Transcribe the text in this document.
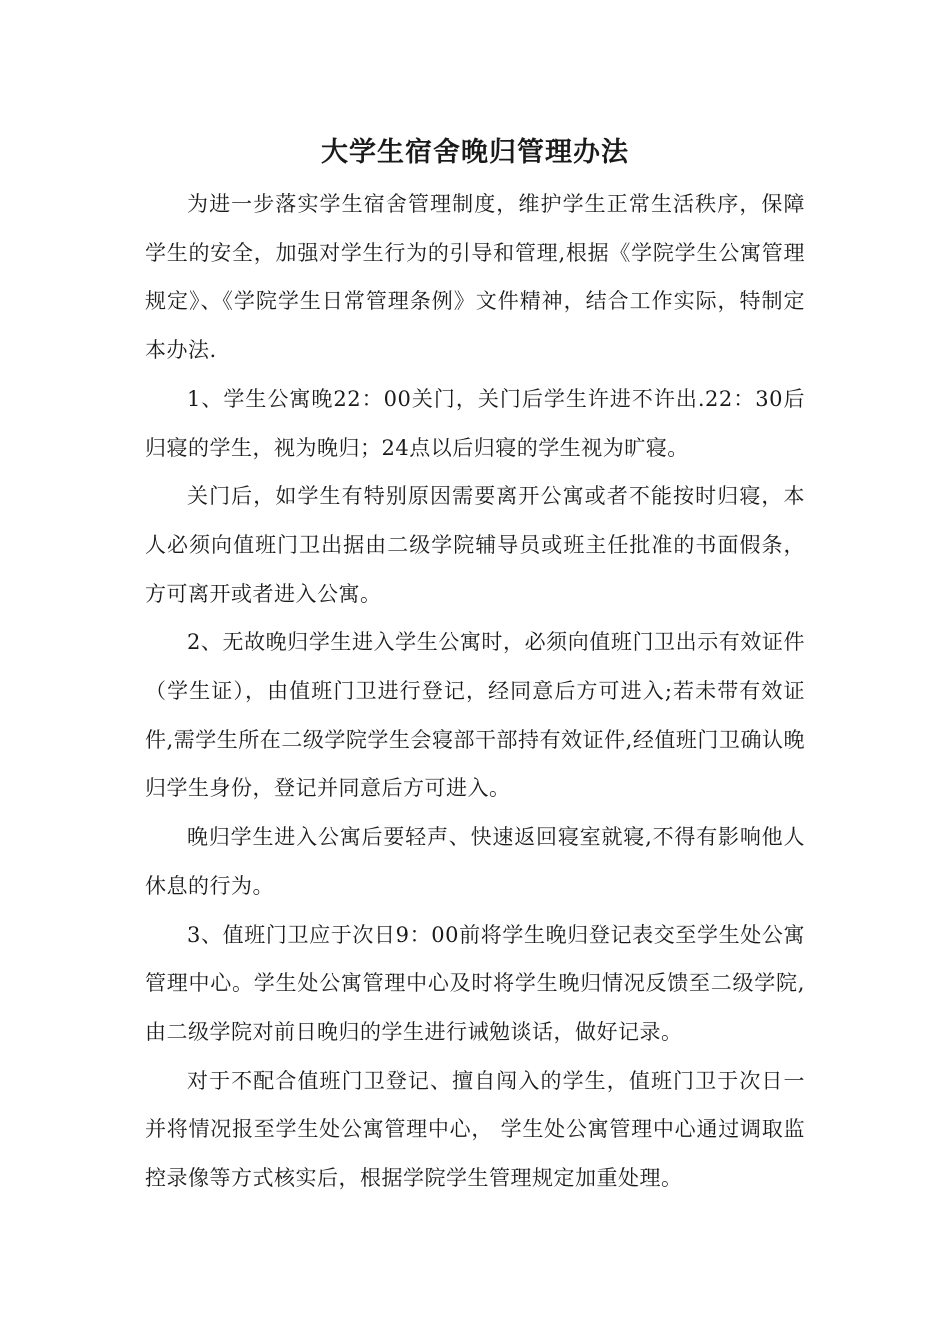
大学生宿舍晚归管理办法

为进一步落实学生宿舍管理制度，维护学生正常生活秩序，保障学生的安全，加强对学生行为的引导和管理,根据《学院学生公寓管理规定》、《学院学生日常管理条例》文件精神，结合工作实际，特制定本办法.

1、学生公寓晚22：00关门，关门后学生许进不许出.22：30后归寝的学生，视为晚归；24点以后归寝的学生视为旷寝。

关门后，如学生有特别原因需要离开公寓或者不能按时归寝，本人必须向值班门卫出据由二级学院辅导员或班主任批准的书面假条，方可离开或者进入公寓。

2、无故晚归学生进入学生公寓时，必须向值班门卫出示有效证件（学生证），由值班门卫进行登记，经同意后方可进入;若未带有效证件,需学生所在二级学院学生会寝部干部持有效证件,经值班门卫确认晚归学生身份，登记并同意后方可进入。

晚归学生进入公寓后要轻声、快速返回寝室就寝,不得有影响他人休息的行为。

3、值班门卫应于次日9：00前将学生晚归登记表交至学生处公寓管理中心。学生处公寓管理中心及时将学生晚归情况反馈至二级学院,由二级学院对前日晚归的学生进行诫勉谈话，做好记录。

对于不配合值班门卫登记、擅自闯入的学生，值班门卫于次日一并将情况报至学生处公寓管理中心， 学生处公寓管理中心通过调取监控录像等方式核实后，根据学院学生管理规定加重处理。
